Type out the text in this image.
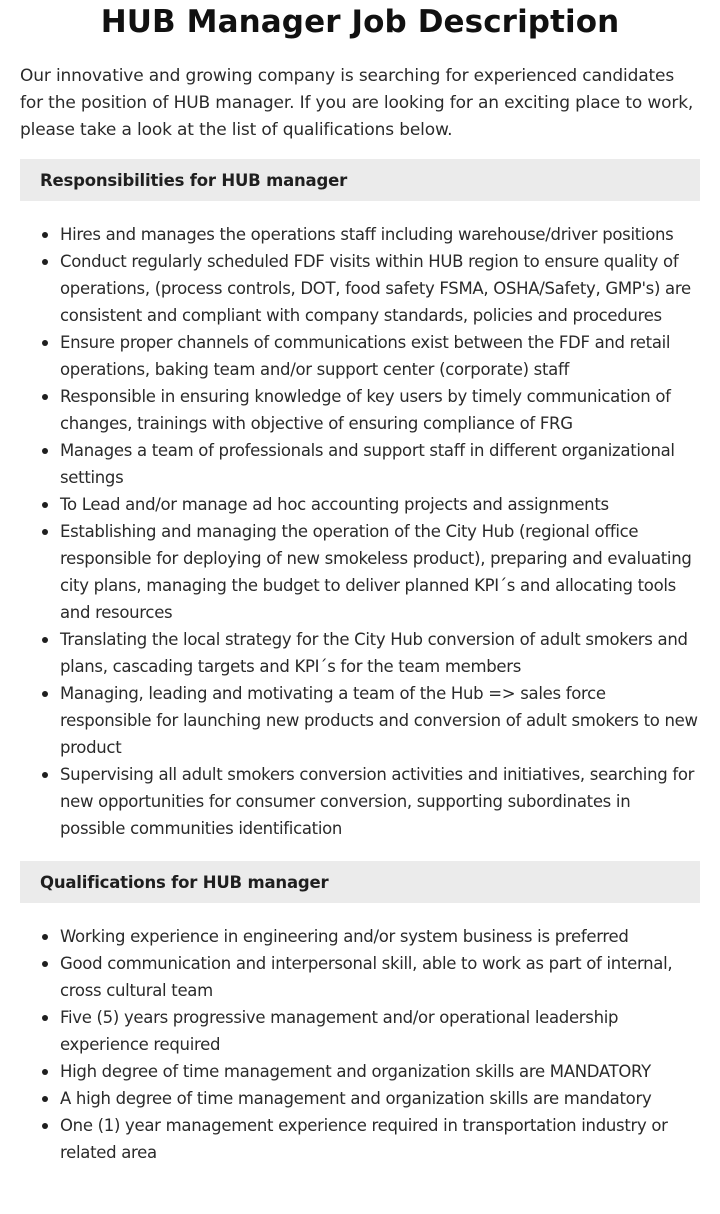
HUB Manager Job Description

Our innovative and growing company is searching for experienced candidates for the position of HUB manager. If you are looking for an exciting place to work, please take a look at the list of qualifications below.

Responsibilities for HUB manager
Hires and manages the operations staff including warehouse/driver positions
Conduct regularly scheduled FDF visits within HUB region to ensure quality of operations, (process controls, DOT, food safety FSMA, OSHA/Safety, GMP's) are consistent and compliant with company standards, policies and procedures
Ensure proper channels of communications exist between the FDF and retail operations, baking team and/or support center (corporate) staff
Responsible in ensuring knowledge of key users by timely communication of changes, trainings with objective of ensuring compliance of FRG
Manages a team of professionals and support staff in different organizational settings
To Lead and/or manage ad hoc accounting projects and assignments
Establishing and managing the operation of the City Hub (regional office responsible for deploying of new smokeless product), preparing and evaluating city plans, managing the budget to deliver planned KPI´s and allocating tools and resources
Translating the local strategy for the City Hub conversion of adult smokers and plans, cascading targets and KPI´s for the team members
Managing, leading and motivating a team of the Hub => sales force responsible for launching new products and conversion of adult smokers to new product
Supervising all adult smokers conversion activities and initiatives, searching for new opportunities for consumer conversion, supporting subordinates in possible communities identification
Qualifications for HUB manager
Working experience in engineering and/or system business is preferred
Good communication and interpersonal skill, able to work as part of internal, cross cultural team
Five (5) years progressive management and/or operational leadership experience required
High degree of time management and organization skills are MANDATORY
A high degree of time management and organization skills are mandatory
One (1) year management experience required in transportation industry or related area
